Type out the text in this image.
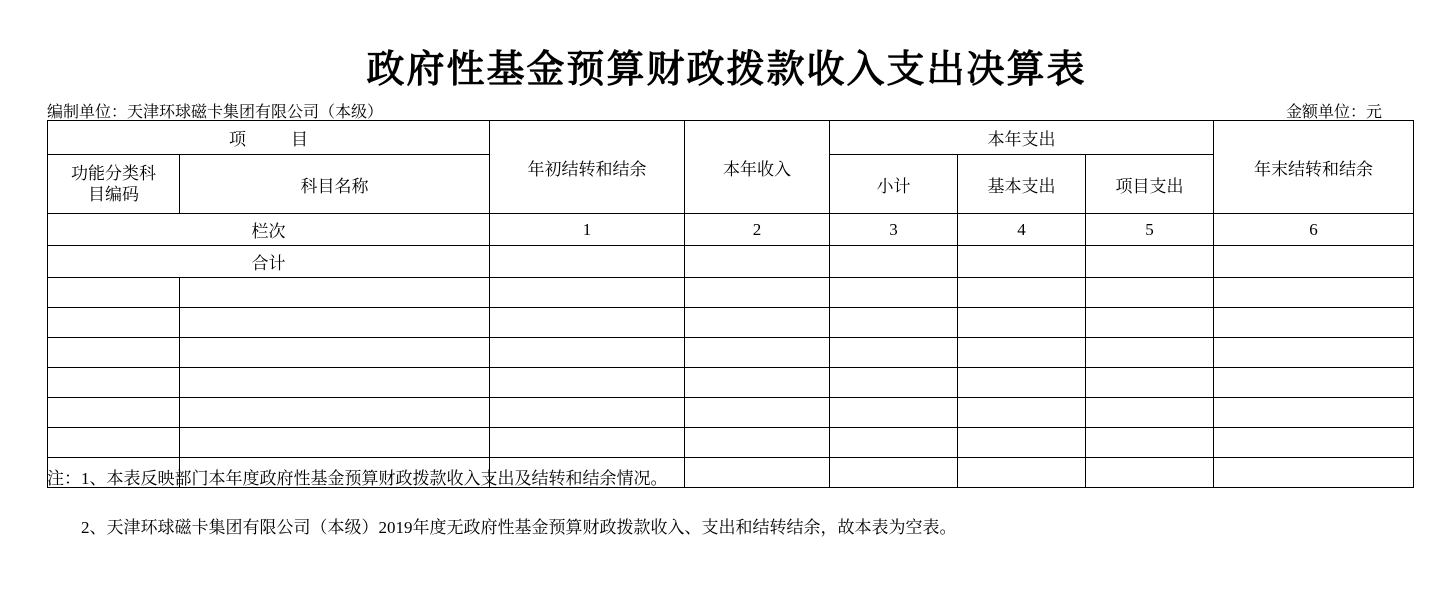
政府性基金预算财政拨款收入支出决算表
编制单位：天津环球磁卡集团有限公司（本级）	金额单位：元
项　目		年初结转和结余	本年收入	本年支出			年末结转和结余

功能分类科
目编码	科目名称			小计	基本支出	项目支出	
栏次		1	2	3	4	5	6
合计							

注：1、本表反映部门本年度政府性基金预算财政拨款收入支出及结转和结余情况。
2、天津环球磁卡集团有限公司（本级）2019年度无政府性基金预算财政拨款收入、支出和结转结余，故本表为空表。
